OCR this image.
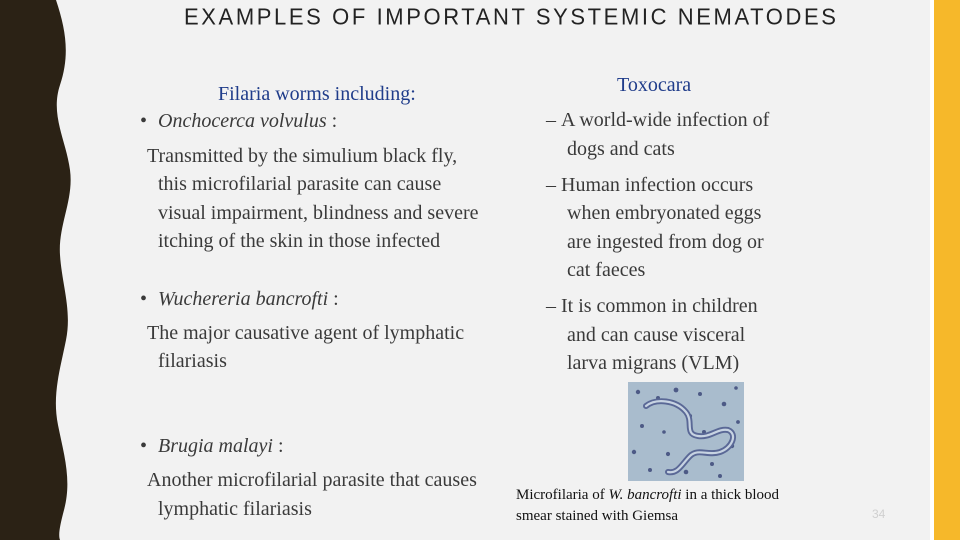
EXAMPLES OF IMPORTANT SYSTEMIC NEMATODES
Filaria worms including:
• Onchocerca volvulus :
Transmitted by the simulium black fly,
this microfilarial parasite can cause
visual impairment, blindness and severe
itching of the skin in those infected
• Wuchereria bancrofti :
The major causative agent of lymphatic
filariasis
• Brugia malayi :
Another microfilarial parasite that causes
lymphatic filariasis
Toxocara
– A world-wide infection of
dogs and cats
– Human infection occurs
when embryonated eggs
are ingested from dog or
cat faeces
– It is common in children
and can cause visceral
larva migrans (VLM)
Microfilaria of W. bancrofti in a thick blood
smear stained with Giemsa	34
